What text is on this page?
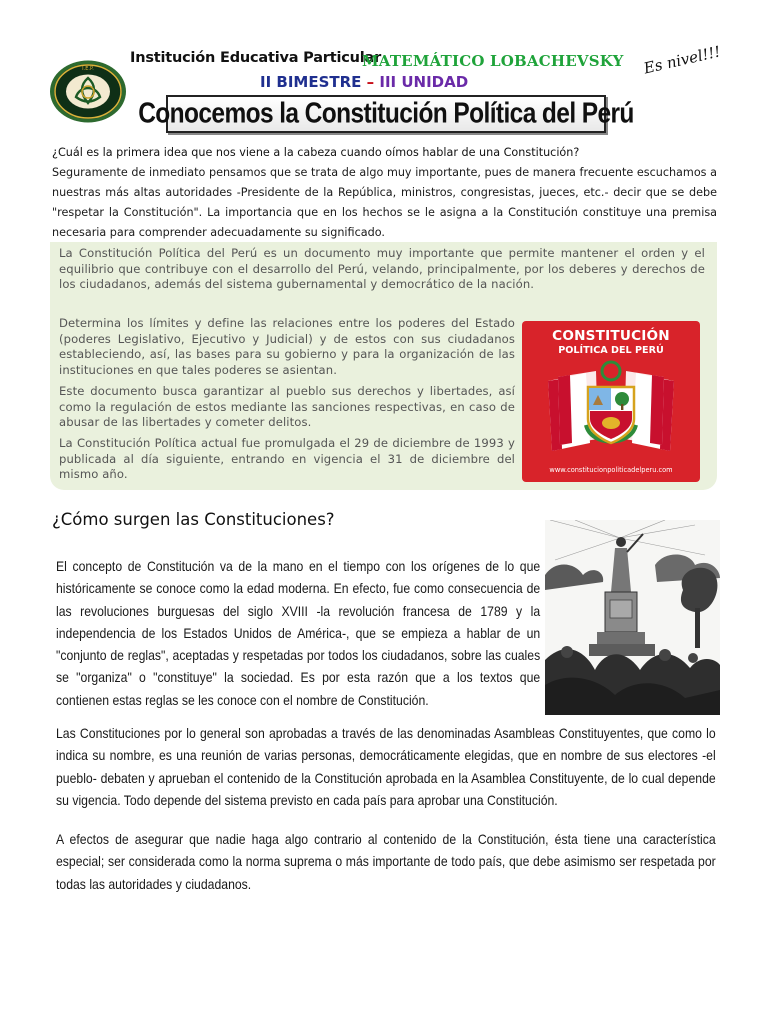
I.E.P.
Institución Educativa Particular
MATEMÁTICO LOBACHEVSKY
II BIMESTRE – III UNIDAD
Es nivel!!!
Conocemos la Constitución Política del Perú
¿Cuál es la primera idea que nos viene a la cabeza cuando oímos hablar de una Constitución?

Seguramente de inmediato pensamos que se trata de algo muy importante, pues de manera frecuente escuchamos a nuestras más altas autoridades -Presidente de la República, ministros, congresistas, jueces, etc.- decir que se debe "respetar la Constitución". La importancia que en los hechos se le asigna a la Constitución constituye una premisa necesaria para comprender adecuadamente su significado.

La Constitución Política del Perú es un documento muy importante que permite mantener el orden y el equilibrio que contribuye con el desarrollo del Perú, velando, principalmente, por los deberes y derechos de los ciudadanos, además del sistema gubernamental y democrático de la nación.

Determina los límites y define las relaciones entre los poderes del Estado (poderes Legislativo, Ejecutivo y Judicial) y de estos con sus ciudadanos estableciendo, así, las bases para su gobierno y para la organización de las instituciones en que tales poderes se asientan.

Este documento busca garantizar al pueblo sus derechos y libertades, así como la regulación de estos mediante las sanciones respectivas, en caso de abusar de las libertades y cometer delitos.

La Constitución Política actual fue promulgada el 29 de diciembre de 1993 y publicada al día siguiente, entrando en vigencia el 31 de diciembre del mismo año.

CONSTITUCIÓN
POLÍTICA DEL PERÚ
www.constitucionpoliticadelperu.com
¿Cómo surgen las Constituciones?

El concepto de Constitución va de la mano en el tiempo con los orígenes de lo que históricamente se conoce como la edad moderna. En efecto, fue como consecuencia de las revoluciones burguesas del siglo XVIII -la revolución francesa de 1789 y la independencia de los Estados Unidos de América-, que se empieza a hablar de un "conjunto de reglas", aceptadas y respetadas por todos los ciudadanos, sobre las cuales se "organiza" o "constituye" la sociedad. Es por esta razón que a los textos que contienen estas reglas se les conoce con el nombre de Constitución.

Las Constituciones por lo general son aprobadas a través de las denominadas Asambleas Constituyentes, que como lo indica su nombre, es una reunión de varias personas, democráticamente elegidas, que en nombre de sus electores -el pueblo- debaten y aprueban el contenido de la Constitución aprobada en la Asamblea Constituyente, de lo cual depende su vigencia. Todo depende del sistema previsto en cada país para aprobar una Constitución.

A efectos de asegurar que nadie haga algo contrario al contenido de la Constitución, ésta tiene una característica especial; ser considerada como la norma suprema o más importante de todo país, que debe asimismo ser respetada por todas las autoridades y ciudadanos.
